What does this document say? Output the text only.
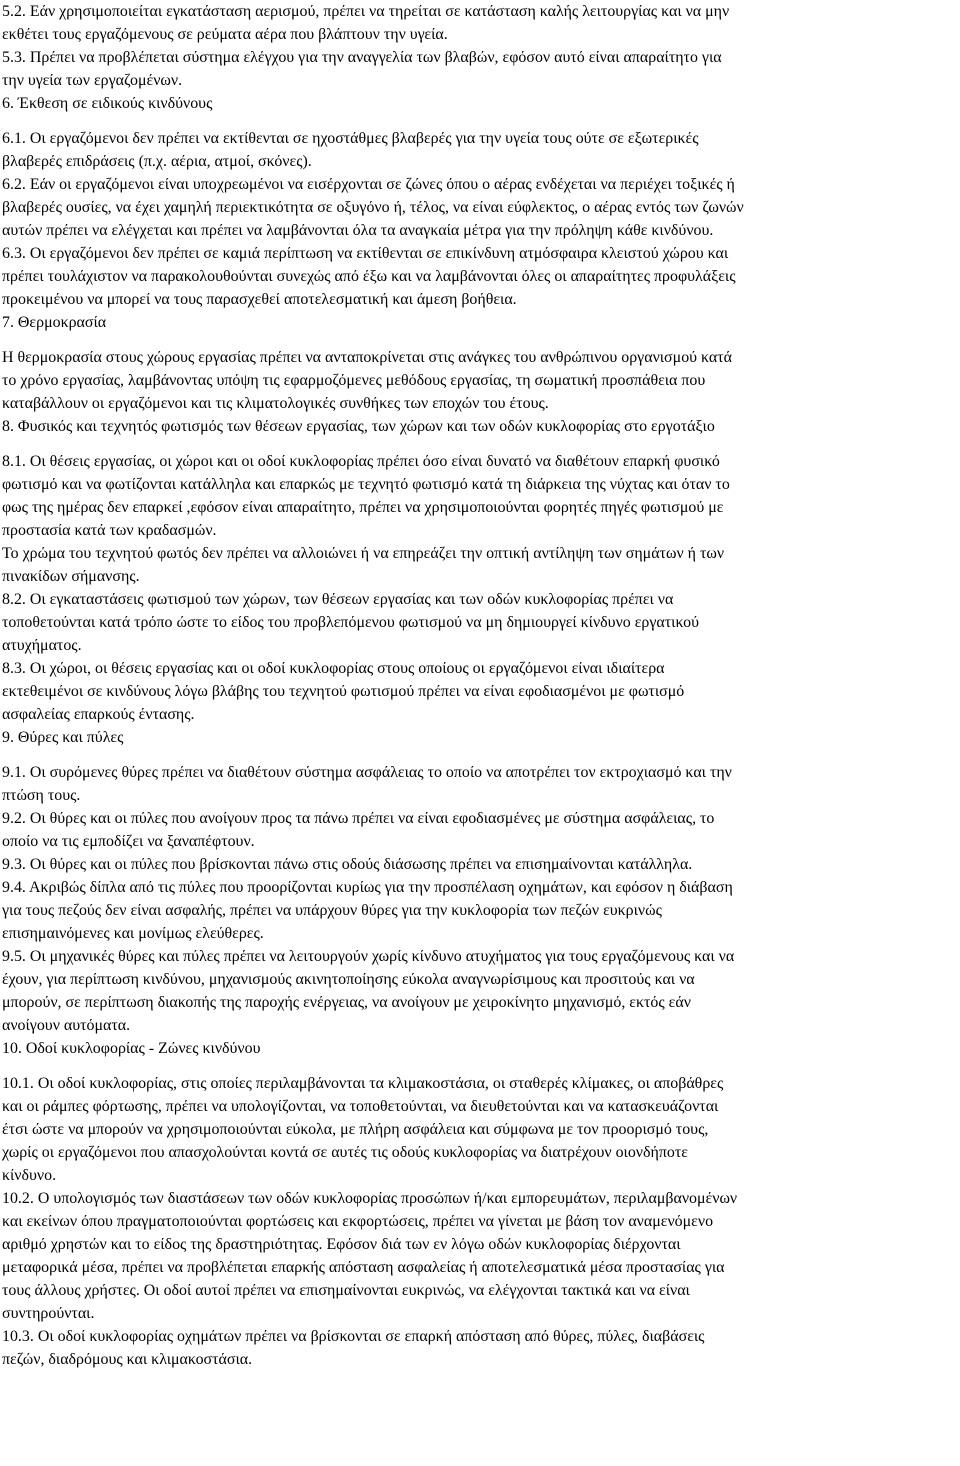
5.2. Εάν χρησιμοποιείται εγκατάσταση αερισμού, πρέπει να τηρείται σε κατάσταση καλής λειτουργίας και να μην
εκθέτει τους εργαζόμενους σε ρεύματα αέρα που βλάπτουν την υγεία.
5.3. Πρέπει να προβλέπεται σύστημα ελέγχου για την αναγγελία των βλαβών, εφόσον αυτό είναι απαραίτητο για
την υγεία των εργαζομένων.
6. Έκθεση σε ειδικούς κινδύνους
6.1. Οι εργαζόμενοι δεν πρέπει να εκτίθενται σε ηχοστάθμες βλαβερές για την υγεία τους ούτε σε εξωτερικές
βλαβερές επιδράσεις (π.χ. αέρια, ατμοί, σκόνες).
6.2. Εάν οι εργαζόμενοι είναι υποχρεωμένοι να εισέρχονται σε ζώνες όπου ο αέρας ενδέχεται να περιέχει τοξικές ή
βλαβερές ουσίες, να έχει χαμηλή περιεκτικότητα σε οξυγόνο ή, τέλος, να είναι εύφλεκτος, ο αέρας εντός των ζωνών
αυτών πρέπει να ελέγχεται και πρέπει να λαμβάνονται όλα τα αναγκαία μέτρα για την πρόληψη κάθε κινδύνου.
6.3. Οι εργαζόμενοι δεν πρέπει σε καμιά περίπτωση να εκτίθενται σε επικίνδυνη ατμόσφαιρα κλειστού χώρου και
πρέπει τουλάχιστον να παρακολουθούνται συνεχώς από έξω και να λαμβάνονται όλες οι απαραίτητες προφυλάξεις
προκειμένου να μπορεί να τους παρασχεθεί αποτελεσματική και άμεση βοήθεια.
7. Θερμοκρασία
Η θερμοκρασία στους χώρους εργασίας πρέπει να ανταποκρίνεται στις ανάγκες του ανθρώπινου οργανισμού κατά
το χρόνο εργασίας, λαμβάνοντας υπόψη τις εφαρμοζόμενες μεθόδους εργασίας, τη σωματική προσπάθεια που
καταβάλλουν οι εργαζόμενοι και τις κλιματολογικές συνθήκες των εποχών του έτους.
8. Φυσικός και τεχνητός φωτισμός των θέσεων εργασίας, των χώρων και των οδών κυκλοφορίας στο εργοτάξιο
8.1. Οι θέσεις εργασίας, οι χώροι και οι οδοί κυκλοφορίας πρέπει όσο είναι δυνατό να διαθέτουν επαρκή φυσικό
φωτισμό και να φωτίζονται κατάλληλα και επαρκώς με τεχνητό φωτισμό κατά τη διάρκεια της νύχτας και όταν το
φως της ημέρας δεν επαρκεί ,εφόσον είναι απαραίτητο, πρέπει να χρησιμοποιούνται φορητές πηγές φωτισμού με
προστασία κατά των κραδασμών.
Το χρώμα του τεχνητού φωτός δεν πρέπει να αλλοιώνει ή να επηρεάζει την οπτική αντίληψη των σημάτων ή των
πινακίδων σήμανσης.
8.2. Οι εγκαταστάσεις φωτισμού των χώρων, των θέσεων εργασίας και των οδών κυκλοφορίας πρέπει να
τοποθετούνται κατά τρόπο ώστε το είδος του προβλεπόμενου φωτισμού να μη δημιουργεί κίνδυνο εργατικού
ατυχήματος.
8.3. Οι χώροι, οι θέσεις εργασίας και οι οδοί κυκλοφορίας στους οποίους οι εργαζόμενοι είναι ιδιαίτερα
εκτεθειμένοι σε κινδύνους λόγω βλάβης του τεχνητού φωτισμού πρέπει να είναι εφοδιασμένοι με φωτισμό
ασφαλείας επαρκούς έντασης.
9. Θύρες και πύλες
9.1. Οι συρόμενες θύρες πρέπει να διαθέτουν σύστημα ασφάλειας το οποίο να αποτρέπει τον εκτροχιασμό και την
πτώση τους.
9.2. Οι θύρες και οι πύλες που ανοίγουν προς τα πάνω πρέπει να είναι εφοδιασμένες με σύστημα ασφάλειας, το
οποίο να τις εμποδίζει να ξαναπέφτουν.
9.3. Οι θύρες και οι πύλες που βρίσκονται πάνω στις οδούς διάσωσης πρέπει να επισημαίνονται κατάλληλα.
9.4. Ακριβώς δίπλα από τις πύλες που προορίζονται κυρίως για την προσπέλαση οχημάτων, και εφόσον η διάβαση
για τους πεζούς δεν είναι ασφαλής, πρέπει να υπάρχουν θύρες για την κυκλοφορία των πεζών ευκρινώς
επισημαινόμενες και μονίμως ελεύθερες.
9.5. Οι μηχανικές θύρες και πύλες πρέπει να λειτουργούν χωρίς κίνδυνο ατυχήματος για τους εργαζόμενους και να
έχουν, για περίπτωση κινδύνου, μηχανισμούς ακινητοποίησης εύκολα αναγνωρίσιμους και προσιτούς και να
μπορούν, σε περίπτωση διακοπής της παροχής ενέργειας, να ανοίγουν με χειροκίνητο μηχανισμό, εκτός εάν
ανοίγουν αυτόματα.
10. Οδοί κυκλοφορίας - Ζώνες κινδύνου
10.1. Οι οδοί κυκλοφορίας, στις οποίες περιλαμβάνονται τα κλιμακοστάσια, οι σταθερές κλίμακες, οι αποβάθρες
και οι ράμπες φόρτωσης, πρέπει να υπολογίζονται, να τοποθετούνται, να διευθετούνται και να κατασκευάζονται
έτσι ώστε να μπορούν να χρησιμοποιούνται εύκολα, με πλήρη ασφάλεια και σύμφωνα με τον προορισμό τους,
χωρίς οι εργαζόμενοι που απασχολούνται κοντά σε αυτές τις οδούς κυκλοφορίας να διατρέχουν οιονδήποτε
κίνδυνο.
10.2. Ο υπολογισμός των διαστάσεων των οδών κυκλοφορίας προσώπων ή/και εμπορευμάτων, περιλαμβανομένων
και εκείνων όπου πραγματοποιούνται φορτώσεις και εκφορτώσεις, πρέπει να γίνεται με βάση τον αναμενόμενο
αριθμό χρηστών και το είδος της δραστηριότητας. Εφόσον διά των εν λόγω οδών κυκλοφορίας διέρχονται
μεταφορικά μέσα, πρέπει να προβλέπεται επαρκής απόσταση ασφαλείας ή αποτελεσματικά μέσα προστασίας για
τους άλλους χρήστες. Οι οδοί αυτοί πρέπει να επισημαίνονται ευκρινώς, να ελέγχονται τακτικά και να είναι
συντηρούνται.
10.3. Οι οδοί κυκλοφορίας οχημάτων πρέπει να βρίσκονται σε επαρκή απόσταση από θύρες, πύλες, διαβάσεις
πεζών, διαδρόμους και κλιμακοστάσια.
